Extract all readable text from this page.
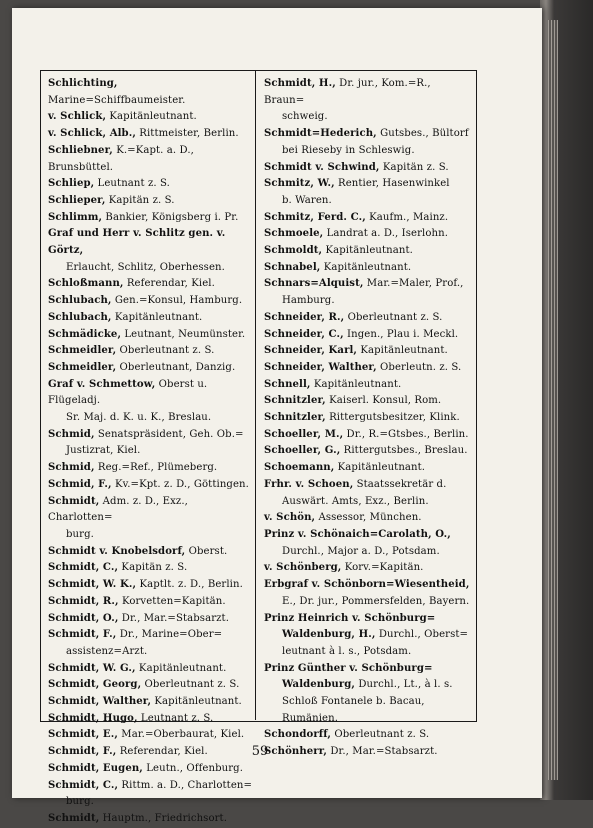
Schlichting, Marine=Schiffbaumeister.
v. Schlick, Kapitänleutnant.
v. Schlick, Alb., Rittmeister, Berlin.
Schliebner, K.=Kapt. a. D., Brunsbüttel.
Schliep, Leutnant z. S.
Schlieper, Kapitän z. S.
Schlimm, Bankier, Königsberg i. Pr.
Graf und Herr v. Schlitz gen. v. Görtz,
Erlaucht, Schlitz, Oberhessen.
Schloßmann, Referendar, Kiel.
Schlubach, Gen.=Konsul, Hamburg.
Schlubach, Kapitänleutnant.
Schmädicke, Leutnant, Neumünster.
Schmeidler, Oberleutnant z. S.
Schmeidler, Oberleutnant, Danzig.
Graf v. Schmettow, Oberst u. Flügeladj.
Sr. Maj. d. K. u. K., Breslau.
Schmid, Senatspräsident, Geh. Ob.=
Justizrat, Kiel.
Schmid, Reg.=Ref., Plümeberg.
Schmid, F., Kv.=Kpt. z. D., Göttingen.
Schmidt, Adm. z. D., Exz., Charlotten=
burg.
Schmidt v. Knobelsdorf, Oberst.
Schmidt, C., Kapitän z. S.
Schmidt, W. K., Kaptlt. z. D., Berlin.
Schmidt, R., Korvetten=Kapitän.
Schmidt, O., Dr., Mar.=Stabsarzt.
Schmidt, F., Dr., Marine=Ober=
assistenz=Arzt.
Schmidt, W. G., Kapitänleutnant.
Schmidt, Georg, Oberleutnant z. S.
Schmidt, Walther, Kapitänleutnant.
Schmidt, Hugo, Leutnant z. S.
Schmidt, E., Mar.=Oberbaurat, Kiel.
Schmidt, F., Referendar, Kiel.
Schmidt, Eugen, Leutn., Offenburg.
Schmidt, C., Rittm. a. D., Charlotten=
burg.
Schmidt, Hauptm., Friedrichsort.
Schmidt, H., Dr. jur., Kom.=R., Braun=
schweig.
Schmidt=Hederich, Gutsbes., Bültorf
bei Rieseby in Schleswig.
Schmidt v. Schwind, Kapitän z. S.
Schmitz, W., Rentier, Hasenwinkel
b. Waren.
Schmitz, Ferd. C., Kaufm., Mainz.
Schmoele, Landrat a. D., Iserlohn.
Schmoldt, Kapitänleutnant.
Schnabel, Kapitänleutnant.
Schnars=Alquist, Mar.=Maler, Prof.,
Hamburg.
Schneider, R., Oberleutnant z. S.
Schneider, C., Ingen., Plau i. Meckl.
Schneider, Karl, Kapitänleutnant.
Schneider, Walther, Oberleutn. z. S.
Schnell, Kapitänleutnant.
Schnitzler, Kaiserl. Konsul, Rom.
Schnitzler, Rittergutsbesitzer, Klink.
Schoeller, M., Dr., R.=Gtsbes., Berlin.
Schoeller, G., Rittergutsbes., Breslau.
Schoemann, Kapitänleutnant.
Frhr. v. Schoen, Staatssekretär d.
Auswärt. Amts, Exz., Berlin.
v. Schön, Assessor, München.
Prinz v. Schönaich=Carolath, O.,
Durchl., Major a. D., Potsdam.
v. Schönberg, Korv.=Kapitän.
Erbgraf v. Schönborn=Wiesentheid,
E., Dr. jur., Pommersfelden, Bayern.
Prinz Heinrich v. Schönburg=
Waldenburg, H., Durchl., Oberst=
leutnant à l. s., Potsdam.
Prinz Günther v. Schönburg=
Waldenburg, Durchl., Lt., à l. s.
Schloß Fontanele b. Bacau,
Rumänien.
Schondorff, Oberleutnant z. S.
Schönherr, Dr., Mar.=Stabsarzt.
59
